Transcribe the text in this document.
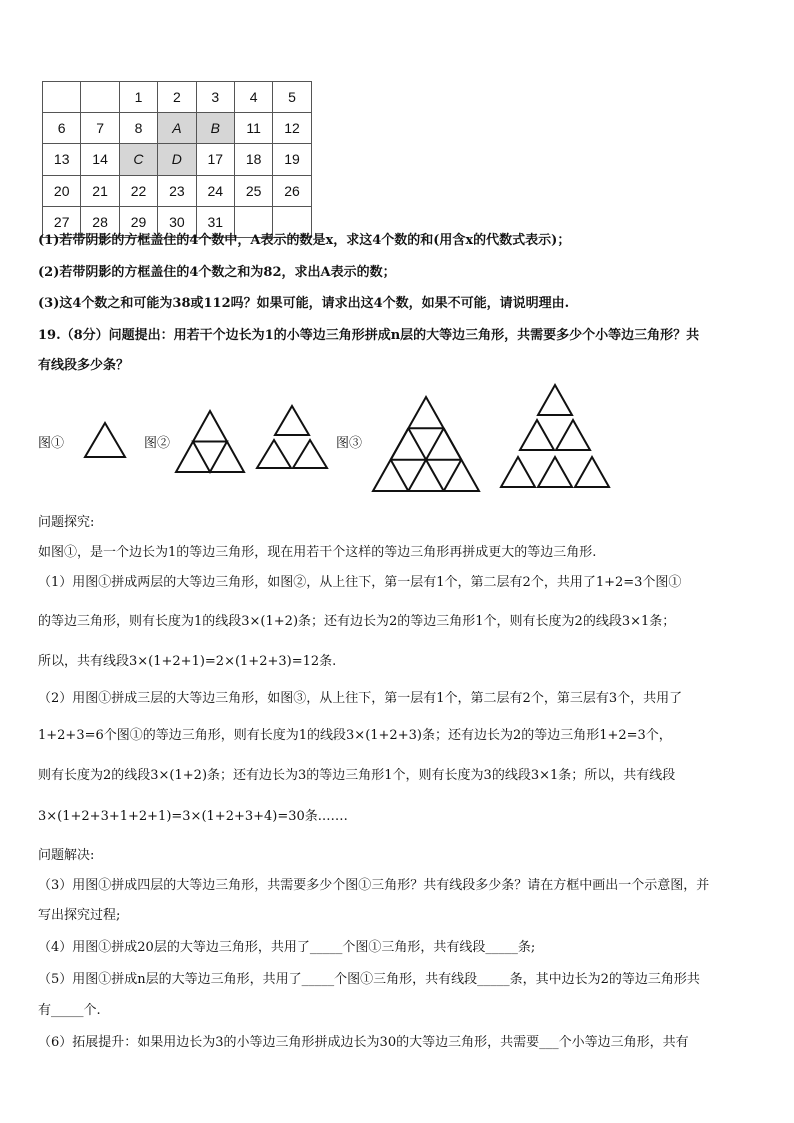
		1	2	3	4	5
6	7	8	A	B	11	12
13	14	C	D	17	18	19
20	21	22	23	24	25	26
27	28	29	30	31		
(1)若带阴影的方框盖住的4个数中，A表示的数是x，求这4个数的和(用含x的代数式表示)；
(2)若带阴影的方框盖住的4个数之和为82，求出A表示的数；
(3)这4个数之和可能为38或112吗？如果可能，请求出这4个数，如果不可能，请说明理由.
19.（8分）问题提出：用若干个边长为1的小等边三角形拼成n层的大等边三角形，共需要多少个小等边三角形？共
有线段多少条？
图①	图②	图③
问题探究:
如图①，是一个边长为1的等边三角形，现在用若干个这样的等边三角形再拼成更大的等边三角形.
（1）用图①拼成两层的大等边三角形，如图②，从上往下，第一层有1个，第二层有2个，共用了1+2=3个图①
的等边三角形，则有长度为1的线段3×(1+2)条；还有边长为2的等边三角形1个，则有长度为2的线段3×1条；
所以，共有线段3×(1+2+1)=2×(1+2+3)=12条.
（2）用图①拼成三层的大等边三角形，如图③，从上往下，第一层有1个，第二层有2个，第三层有3个，共用了
1+2+3=6个图①的等边三角形，则有长度为1的线段3×(1+2+3)条；还有边长为2的等边三角形1+2=3个，
则有长度为2的线段3×(1+2)条；还有边长为3的等边三角形1个，则有长度为3的线段3×1条；所以，共有线段
3×(1+2+3+1+2+1)=3×(1+2+3+4)=30条.……
问题解决:
（3）用图①拼成四层的大等边三角形，共需要多少个图①三角形？共有线段多少条？请在方框中画出一个示意图，并
写出探究过程;
（4）用图①拼成20层的大等边三角形，共用了_____个图①三角形，共有线段_____条;
（5）用图①拼成n层的大等边三角形，共用了_____个图①三角形，共有线段_____条，其中边长为2的等边三角形共
有_____个.
（6）拓展提升：如果用边长为3的小等边三角形拼成边长为30的大等边三角形，共需要___个小等边三角形，共有
